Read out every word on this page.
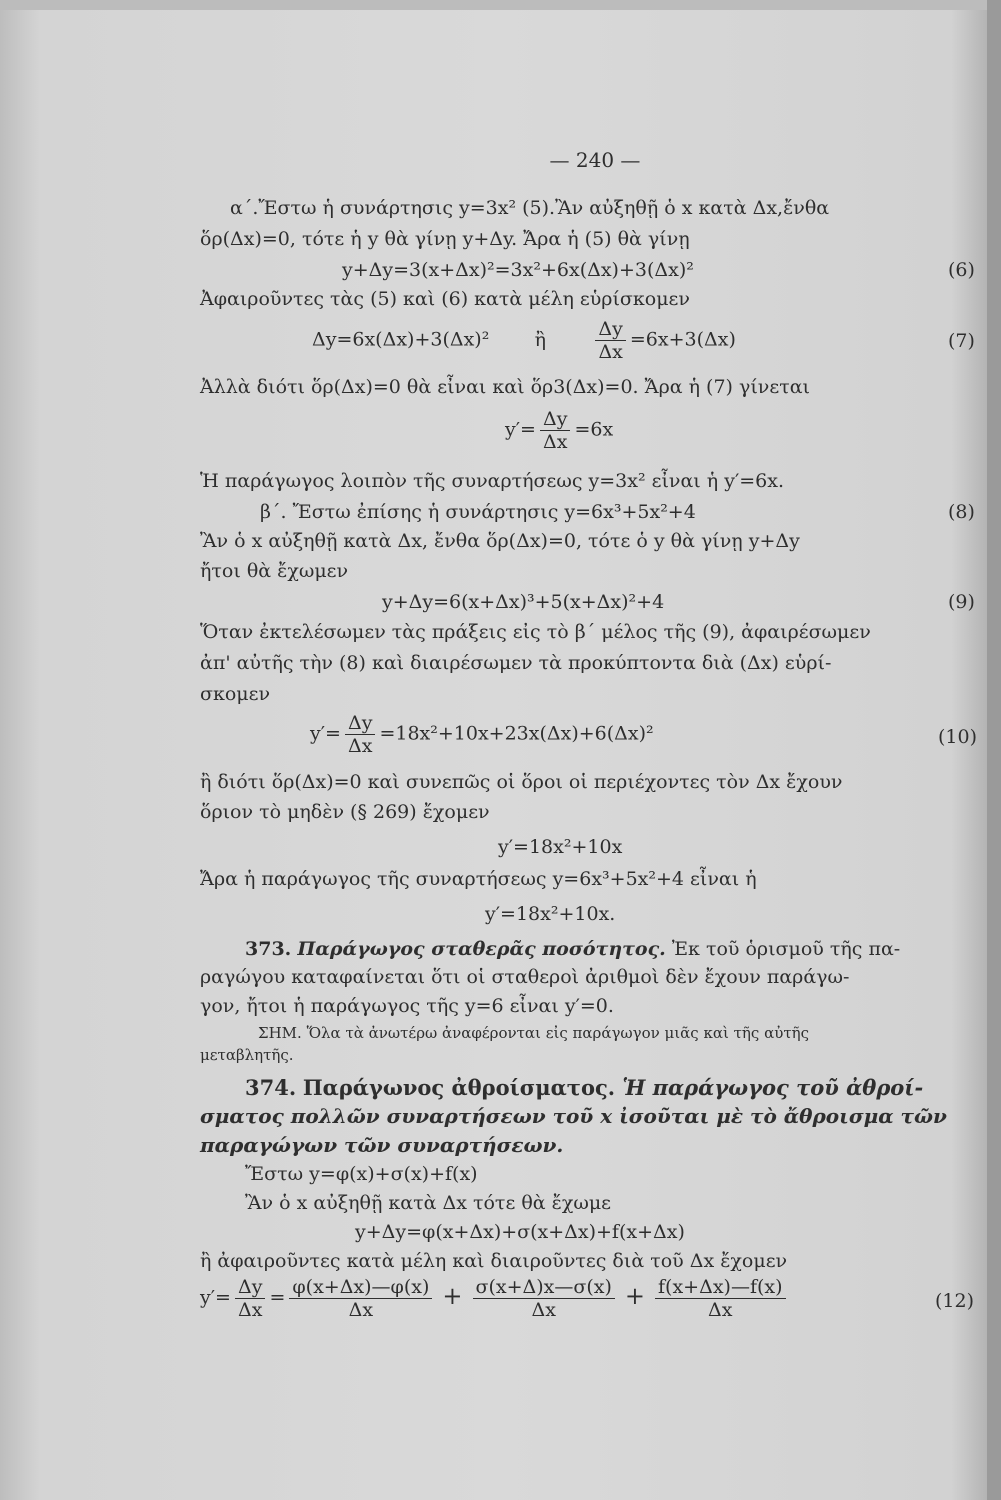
— 240 —
α΄.Ἔστω ἡ συνάρτησις y=3x² (5).Ἂν αὐξηθῇ ὁ x κατὰ Δx,ἔνθα
ὅρ(Δx)=0, τότε ἡ y θὰ γίνῃ y+Δy. Ἄρα ἡ (5) θὰ γίνῃ
y+Δy=3(x+Δx)²=3x²+6x(Δx)+3(Δx)²	(6)
Ἀφαιροῦντες τὰς (5) καὶ (6) κατὰ μέλη εὑρίσκομεν
Δy=6x(Δx)+3(Δx)² ἢ	$\frac{\Delta y}{\Delta x} =6x+3(\Delta x)$	(7)
Ἀλλὰ διότι ὅρ(Δx)=0 θὰ εἶναι καὶ ὅρ3(Δx)=0. Ἄρα ἡ (7) γίνεται
$y'= \frac{\Delta y}{\Delta x} =6x$
Ἡ παράγωγος λοιπὸν τῆς συναρτήσεως y=3x² εἶναι ἡ y′=6x.
β΄. Ἔστω ἐπίσης ἡ συνάρτησις y=6x³+5x²+4	(8)
Ἂν ὁ x αὐξηθῇ κατὰ Δx, ἔνθα ὅρ(Δx)=0, τότε ὁ y θὰ γίνῃ y+Δy
ἤτοι θὰ ἔχωμεν
y+Δy=6(x+Δx)³+5(x+Δx)²+4	(9)
Ὅταν ἐκτελέσωμεν τὰς πράξεις εἰς τὸ β΄ μέλος τῆς (9), ἀφαιρέσωμεν
ἀπ' αὐτῆς τὴν (8) καὶ διαιρέσωμεν τὰ προκύπτοντα διὰ (Δx) εὑρί-
σκομεν
$y'= \frac{\Delta y}{\Delta x} =18x^2+10x+23x(\Delta x)+6(\Delta x)^2$	(10)
ἢ διότι ὅρ(Δx)=0 καὶ συνεπῶς οἱ ὅροι οἱ περιέχοντες τὸν Δx ἔχουν
ὅριον τὸ μηδὲν (§ 269) ἔχομεν
y′=18x²+10x
Ἄρα ἡ παράγωγος τῆς συναρτήσεως y=6x³+5x²+4 εἶναι ἡ
y′=18x²+10x.
373. Παράγωγος σταθερᾶς ποσότητος. Ἐκ τοῦ ὁρισμοῦ τῆς πα-
ραγώγου καταφαίνεται ὅτι οἱ σταθεροὶ ἀριθμοὶ δὲν ἔχουν παράγω-
γον, ἤτοι ἡ παράγωγος τῆς y=6 εἶναι y′=0.
ΣΗΜ. Ὅλα τὰ ἀνωτέρω ἀναφέρονται εἰς παράγωγον μιᾶς καὶ τῆς αὐτῆς
μεταβλητῆς.
374. Παράγωνος ἀθροίσματος. Ἡ παράγωγος τοῦ ἀθροί-
σματος πολλῶν συναρτήσεων τοῦ x ἰσοῦται μὲ τὸ ἄθροισμα τῶν
παραγώγων τῶν συναρτήσεων.
Ἔστω y=φ(x)+σ(x)+f(x)
Ἂν ὁ x αὐξηθῇ κατὰ Δx τότε θὰ ἔχωμε
y+Δy=φ(x+Δx)+σ(x+Δx)+f(x+Δx)
ἢ ἀφαιροῦντες κατὰ μέλη καὶ διαιροῦντες διὰ τοῦ Δx ἔχομεν
$y'= \frac{\Delta y}{\Delta x} = \frac{\varphi(x+\Delta x)—\varphi(x)}{\Delta x} + \frac{\sigma(x+\Delta)x—\sigma(x)}{\Delta x} + \frac{f(x+\Delta x)—f(x)}{\Delta x}$	(12)
